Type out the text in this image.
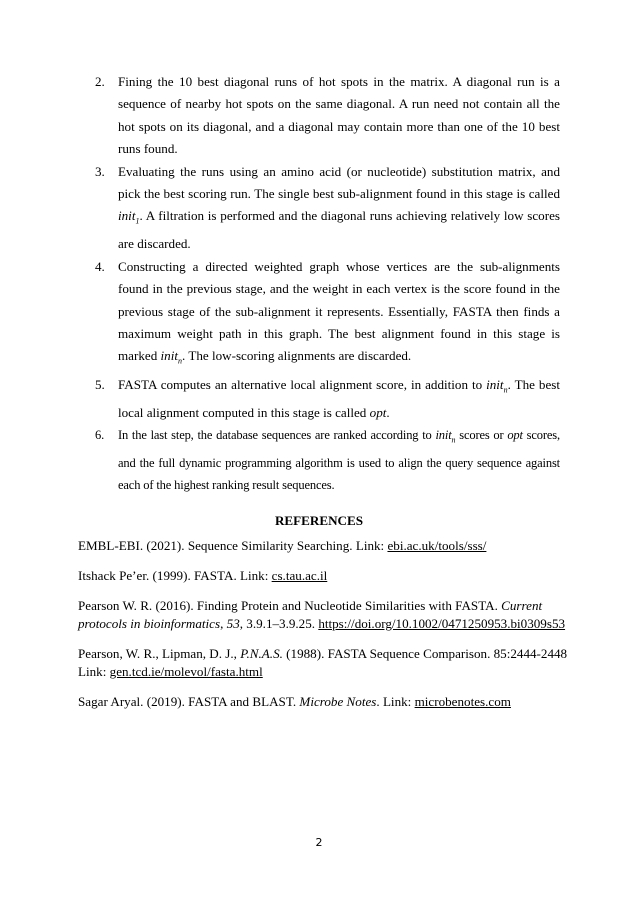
2. Fining the 10 best diagonal runs of hot spots in the matrix. A diagonal run is a sequence of nearby hot spots on the same diagonal. A run need not contain all the hot spots on its diagonal, and a diagonal may contain more than one of the 10 best runs found.
3. Evaluating the runs using an amino acid (or nucleotide) substitution matrix, and pick the best scoring run. The single best sub-alignment found in this stage is called init$_1$. A filtration is performed and the diagonal runs achieving relatively low scores are discarded.
4. Constructing a directed weighted graph whose vertices are the sub-alignments found in the previous stage, and the weight in each vertex is the score found in the previous stage of the sub-alignment it represents. Essentially, FASTA then finds a maximum weight path in this graph. The best alignment found in this stage is marked init$_n$. The low-scoring alignments are discarded.
5. FASTA computes an alternative local alignment score, in addition to init$_n$. The best local alignment computed in this stage is called opt.
6. In the last step, the database sequences are ranked according to init$_n$ scores or opt scores, and the full dynamic programming algorithm is used to align the query sequence against each of the highest ranking result sequences.
REFERENCES
EMBL-EBI. (2021). Sequence Similarity Searching. Link: ebi.ac.uk/tools/sss/
Itshack Pe’er. (1999). FASTA. Link: cs.tau.ac.il
Pearson W. R. (2016). Finding Protein and Nucleotide Similarities with FASTA. Current protocols in bioinformatics, 53, 3.9.1–3.9.25. https://doi.org/10.1002/0471250953.bi0309s53
Pearson, W. R., Lipman, D. J., P.N.A.S. (1988). FASTA Sequence Comparison. 85:2444-2448 Link: gen.tcd.ie/molevol/fasta.html
Sagar Aryal. (2019). FASTA and BLAST. Microbe Notes. Link: microbenotes.com
2
